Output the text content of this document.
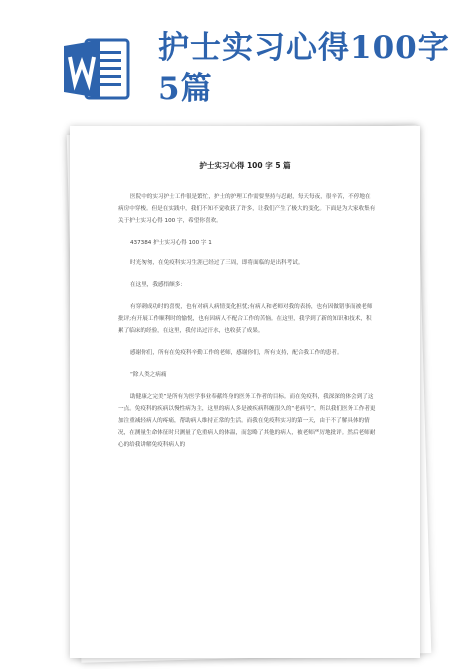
护士实习心得100字5篇
护士实习心得 100 字 5 篇

医院中的实习护士工作很是繁忙，护士的护理工作需要坚持与忍耐，每天每夜，很辛苦，不停地在病房中穿梭。但是在实践中，我们不知不觉收获了许多，让我们产生了极大的变化。下面是为大家收集有关于护士实习心得 100 字，希望你喜欢。

437384 护士实习心得 100 字 1

时光匆匆，在免疫科实习生涯已经过了三周，即将面临的是出科考试。

在这里，我感悟颇多：

有穿刺成功时的喜悦，也有对病人病情变化担忧;有病人和老师对我的表扬，也有因做错事而被老师批评;有开展工作顺利时的愉悦，也有因病人不配合工作的苦恼。在这里，我学到了新的知识和技术，积累了临床的经验，在这里，我付出过汗水，也收获了成果。

感谢你们，所有在免疫科辛勤工作的老师，感谢你们，所有支持，配合我工作的患者。

“除人类之病痛

助健康之完美”是所有为医学事业奉献终身的医务工作者的目标。而在免疫科，我深深的体会到了这一点。免疫科的疾病以慢性病为主，这里的病人多是被疾病科缠很久的“老病号”，所以我们医务工作者更加注重减轻病人的疼痛，帮助病人维持正常的生活。而我在免疫科实习的第一天，由于不了解具体的情况，在测量生命体征时只测量了危重病人的体温，而忽略了其他的病人，被老师严厉地批评。然后老师耐心的给我讲解免疫科病人的
